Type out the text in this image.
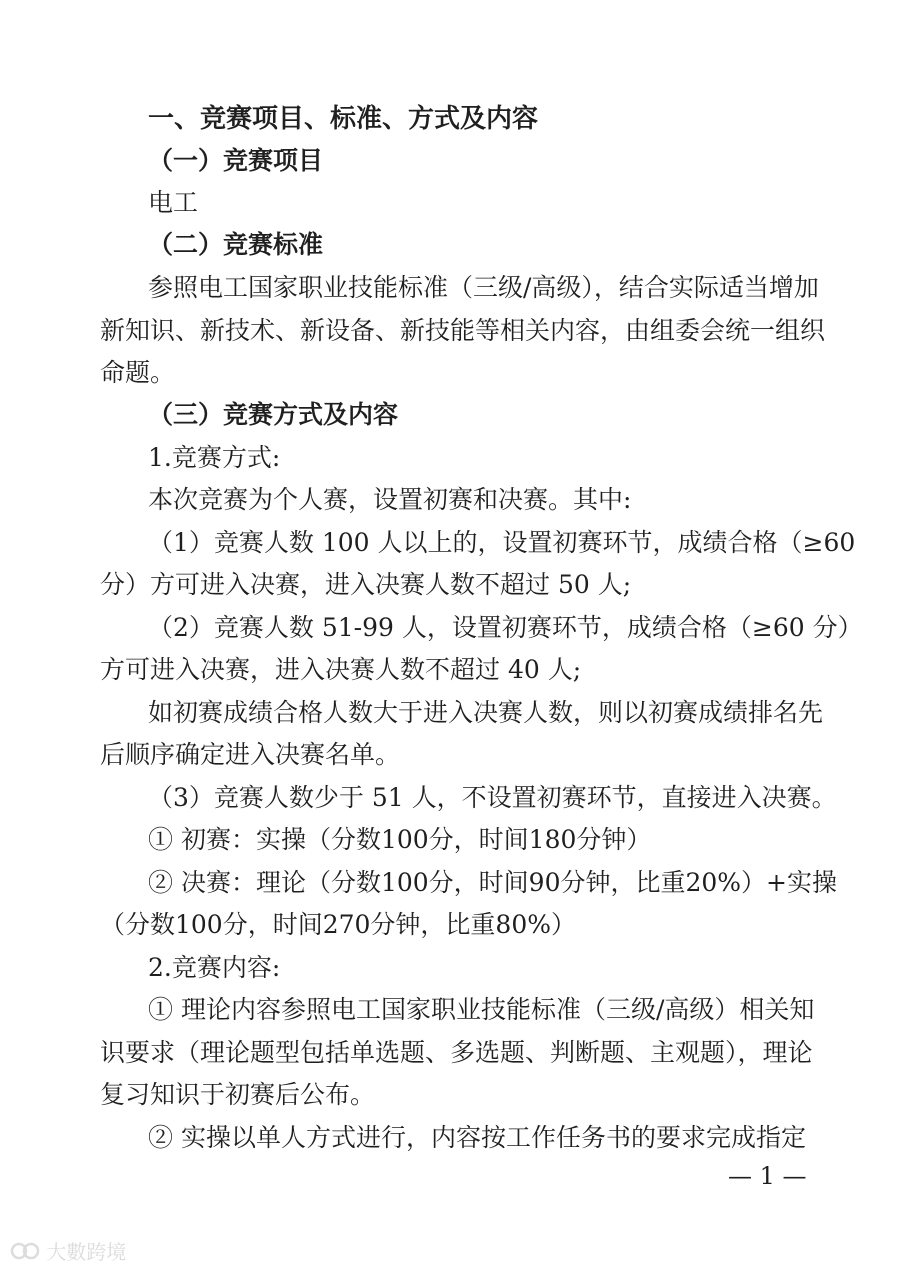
一、竞赛项目、标准、方式及内容
（一）竞赛项目
电工
（二）竞赛标准
参照电工国家职业技能标准（三级/高级），结合实际适当增加
新知识、新技术、新设备、新技能等相关内容，由组委会统一组织
命题。
（三）竞赛方式及内容
1.竞赛方式:
本次竞赛为个人赛，设置初赛和决赛。其中:
（1）竞赛人数 100 人以上的，设置初赛环节，成绩合格（≥60
分）方可进入决赛，进入决赛人数不超过 50 人;
（2）竞赛人数 51-99 人，设置初赛环节，成绩合格（≥60 分）
方可进入决赛，进入决赛人数不超过 40 人;
如初赛成绩合格人数大于进入决赛人数，则以初赛成绩排名先
后顺序确定进入决赛名单。
（3）竞赛人数少于 51 人，不设置初赛环节，直接进入决赛。
① 初赛：实操（分数100分，时间180分钟）
② 决赛：理论（分数100分，时间90分钟，比重20%）+实操
（分数100分，时间270分钟，比重80%）
2.竞赛内容:
① 理论内容参照电工国家职业技能标准（三级/高级）相关知
识要求（理论题型包括单选题、多选题、判断题、主观题），理论
复习知识于初赛后公布。
② 实操以单人方式进行，内容按工作任务书的要求完成指定
— 1 —
大數跨境
